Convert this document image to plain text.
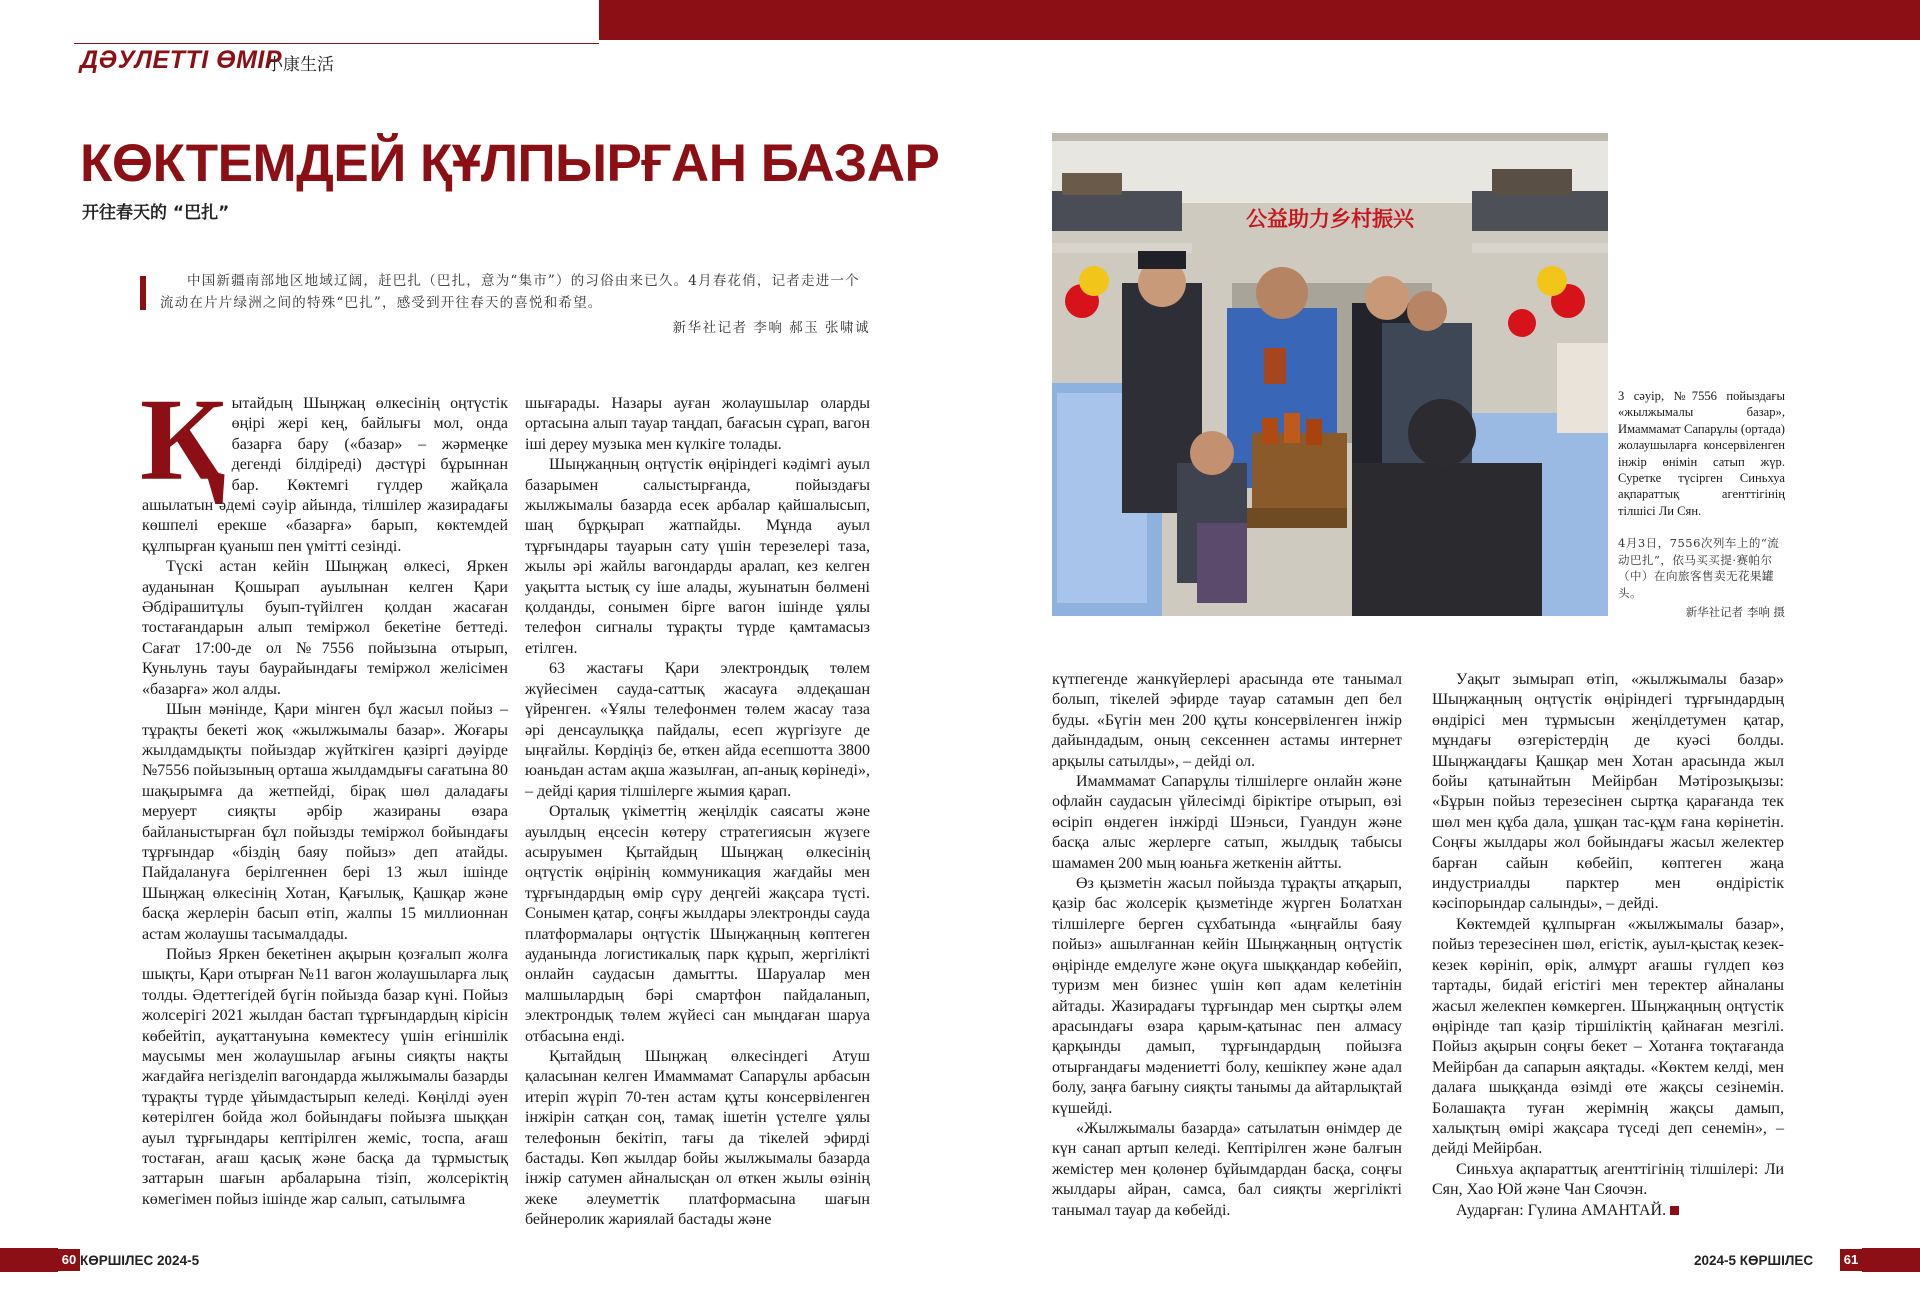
ДӘУЛЕТТІ ӨМІР
小康生活
КӨКТЕМДЕЙ ҚҰЛПЫРҒАН БАЗАР
开往春天的 “巴扎”

中国新疆南部地区地域辽阔，赶巴扎（巴扎，意为“集市”）的习俗由来已久。4月春花俏，记者走进一个流动在片片绿洲之间的特殊“巴扎”，感受到开往春天的喜悦和希望。

新华社记者 李响 郝玉 张啸诚
Қ ытайдың Шыңжаң өлкесінің оңтүстік өңірі жері кең, байлығы мол, онда базарға бару («базар» – жәрмеңке дегенді білдіреді) дәстүрі бұрыннан бар. Көктемгі гүлдер жайқала ашылатын әдемі сәуір айында, тілшілер жазирадағы көшпелі ерекше «базарға» барып, көктемдей құлпырған қуаныш пен үмітті сезінді.

Түскі астан кейін Шыңжаң өлкесі, Яркен ауданынан Қошырап ауылынан келген Қари Әбдірашитұлы буып-түйілген қолдан жасаған тостағандарын алып теміржол бекетіне беттеді. Сағат 17:00-де ол №7556 пойызына отырып, Куньлунь тауы баурайындағы теміржол желісімен «базарға» жол алды.

Шын мәнінде, Қари мінген бұл жасыл пойыз – тұрақты бекеті жоқ «жылжымалы базар». Жоғары жылдамдықты пойыздар жүйткіген қазіргі дәуірде №7556 пойызының орташа жылдамдығы сағатына 80 шақырымға да жетпейді, бірақ шөл даладағы меруерт сияқты әрбір жазираны өзара байланыстырған бұл пойызды теміржол бойындағы тұрғындар «біздің баяу пойыз» деп атайды. Пайдалануға берілгеннен бері 13 жыл ішінде Шыңжаң өлкесінің Хотан, Қағылық, Қашқар және басқа жерлерін басып өтіп, жалпы 15 миллионнан астам жолаушы тасымалдады.

Пойыз Яркен бекетінен ақырын қозғалып жолға шықты, Қари отырған №11 вагон жолаушыларға лық толды. Әдеттегідей бүгін пойызда базар күні. Пойыз жолсерігі 2021 жылдан бастап тұрғындардың кірісін көбейтіп, ауқаттануына көмектесу үшін егіншілік маусымы мен жолаушылар ағыны сияқты нақты жағдайға негізделіп вагондарда жылжымалы базарды тұрақты түрде ұйымдастырып келеді. Көңілді әуен көтерілген бойда жол бойындағы пойызға шыққан ауыл тұрғындары кептірілген жеміс, тоспа, ағаш тостаған, ағаш қасық және басқа да тұрмыстық заттарын шағын арбаларына тізіп, жолсеріктің көмегімен пойыз ішінде жар салып, сатылымға

шығарады. Назары ауған жолаушылар оларды ортасына алып тауар таңдап, бағасын сұрап, вагон іші дереу музыка мен күлкіге толады.

Шыңжаңның оңтүстік өңіріндегі кәдімгі ауыл базарымен салыстырғанда, пойыздағы жылжымалы базарда есек арбалар қайшалысып, шаң бұрқырап жатпайды. Мұнда ауыл тұрғындары тауарын сату үшін терезелері таза, жылы әрі жайлы вагондарды аралап, кез келген уақытта ыстық су іше алады, жуынатын бөлмені қолданды, сонымен бірге вагон ішінде ұялы телефон сигналы тұрақты түрде қамтамасыз етілген.

63 жастағы Қари электрондық төлем жүйесімен сауда-саттық жасауға әлдеқашан үйренген. «Ұялы телефонмен төлем жасау таза әрі денсаулыққа пайдалы, есеп жүргізуге де ыңғайлы. Көрдіңіз бе, өткен айда есепшотта 3800 юаньдан астам ақша жазылған, ап-анық көрінеді», – дейді қария тілшілерге жымия қарап.

Орталық үкіметтің жеңілдік саясаты және ауылдың еңсесін көтеру стратегиясын жүзеге асыруымен Қытайдың Шыңжаң өлкесінің оңтүстік өңірінің коммуникация жағдайы мен тұрғындардың өмір сүру деңгейі жақсара түсті. Сонымен қатар, соңғы жылдары электронды сауда платформалары оңтүстік Шыңжаңның көптеген ауданында логистикалық парк құрып, жергілікті онлайн саудасын дамытты. Шаруалар мен малшылардың бәрі смартфон пайдаланып, электрондық төлем жүйесі сан мыңдаған шаруа отбасына енді.

Қытайдың Шыңжаң өлкесіндегі Атуш қаласынан келген Имаммамат Сапарұлы арбасын итеріп жүріп 70-тен астам құты консервіленген інжірін сатқан соң, тамақ ішетін үстелге ұялы телефонын бекітіп, тағы да тікелей эфирді бастады. Көп жылдар бойы жылжымалы базарда інжір сатумен айналысқан ол өткен жылы өзінің жеке әлеуметтік платформасына шағын бейнеролик жариялай бастады және

公益助力乡村振兴

3 сәуір, №7556 пойыздағы «жылжымалы базар», Имаммамат Сапарұлы (ортада) жолаушыларға консервіленген інжір өнімін сатып жүр. Суретке түсірген Синьхуа ақпараттық агенттігінің тілшісі Ли Сян.

4月3日，7556次列车上的“流动巴扎”，依马买买提·赛帕尔（中）在向旅客售卖无花果罐头。

新华社记者 李响 摄

күтпегенде жанкүйерлері арасында өте танымал болып, тікелей эфирде тауар сатамын деп бел буды. «Бүгін мен 200 құты консервіленген інжір дайындадым, оның сексеннен астамы интернет арқылы сатылды», – дейді ол.

Имаммамат Сапарұлы тілшілерге онлайн және офлайн саудасын үйлесімді біріктіре отырып, өзі өсіріп өндеген інжірді Шэньси, Гуандун және басқа алыс жерлерге сатып, жылдық табысы шамамен 200 мың юаньға жеткенін айтты.

Өз қызметін жасыл пойызда тұрақты атқарып, қазір бас жолсерік қызметінде жүрген Болатхан тілшілерге берген сұхбатында «ыңғайлы баяу пойыз» ашылғаннан кейін Шыңжаңның оңтүстік өңірінде емделуге және оқуға шыққандар көбейіп, туризм мен бизнес үшін көп адам келетінін айтады. Жазирадағы тұрғындар мен сыртқы әлем арасындағы өзара қарым-қатынас пен алмасу қарқынды дамып, тұрғындардың пойызға отырғандағы мәдениетті болу, кешікпеу және адал болу, заңға бағыну сияқты танымы да айтарлықтай күшейді.

«Жылжымалы базарда» сатылатын өнімдер де күн санап артып келеді. Кептірілген және балғын жемістер мен қолөнер бұйымдардан басқа, соңғы жылдары айран, самса, бал сияқты жергілікті танымал тауар да көбейді.

Уақыт зымырап өтіп, «жылжымалы базар» Шыңжаңның оңтүстік өңіріндегі тұрғындардың өндірісі мен тұрмысын жеңілдетумен қатар, мұндағы өзгерістердің де куәсі болды. Шыңжаңдағы Қашқар мен Хотан арасында жыл бойы қатынайтын Мейірбан Мәтірозықызы: «Бұрын пойыз терезесінен сыртқа қарағанда тек шөл мен құба дала, ұшқан тас-құм ғана көрінетін. Соңғы жылдары жол бойындағы жасыл желектер барған сайын көбейіп, көптеген жаңа индустриалды парктер мен өндірістік кәсіпорындар салынды», – дейді.

Көктемдей құлпырған «жылжымалы базар», пойыз терезесінен шөл, егістік, ауыл-қыстақ кезек-кезек көрініп, өрік, алмұрт ағашы гүлдеп көз тартады, бидай егістігі мен теректер айналаны жасыл желекпен көмкерген. Шыңжаңның оңтүстік өңірінде тап қазір тіршіліктің қайнаған мезгілі. Пойыз ақырын соңғы бекет – Хотанға тоқтағанда Мейірбан да сапарын аяқтады. «Көктем келді, мен далаға шыққанда өзімді өте жақсы сезінемін. Болашақта туған жерімнің жақсы дамып, халықтың өмірі жақсара түседі деп сенемін», – дейді Мейірбан.

Синьхуа ақпараттық агенттігінің тілшілері: Ли Сян, Хао Юй және Чан Сяочэн.

Аударған: Гүлина АМАНТАЙ.

60 КӨРШІЛЕС 2024-5	2024-5 КӨРШІЛЕС 61
